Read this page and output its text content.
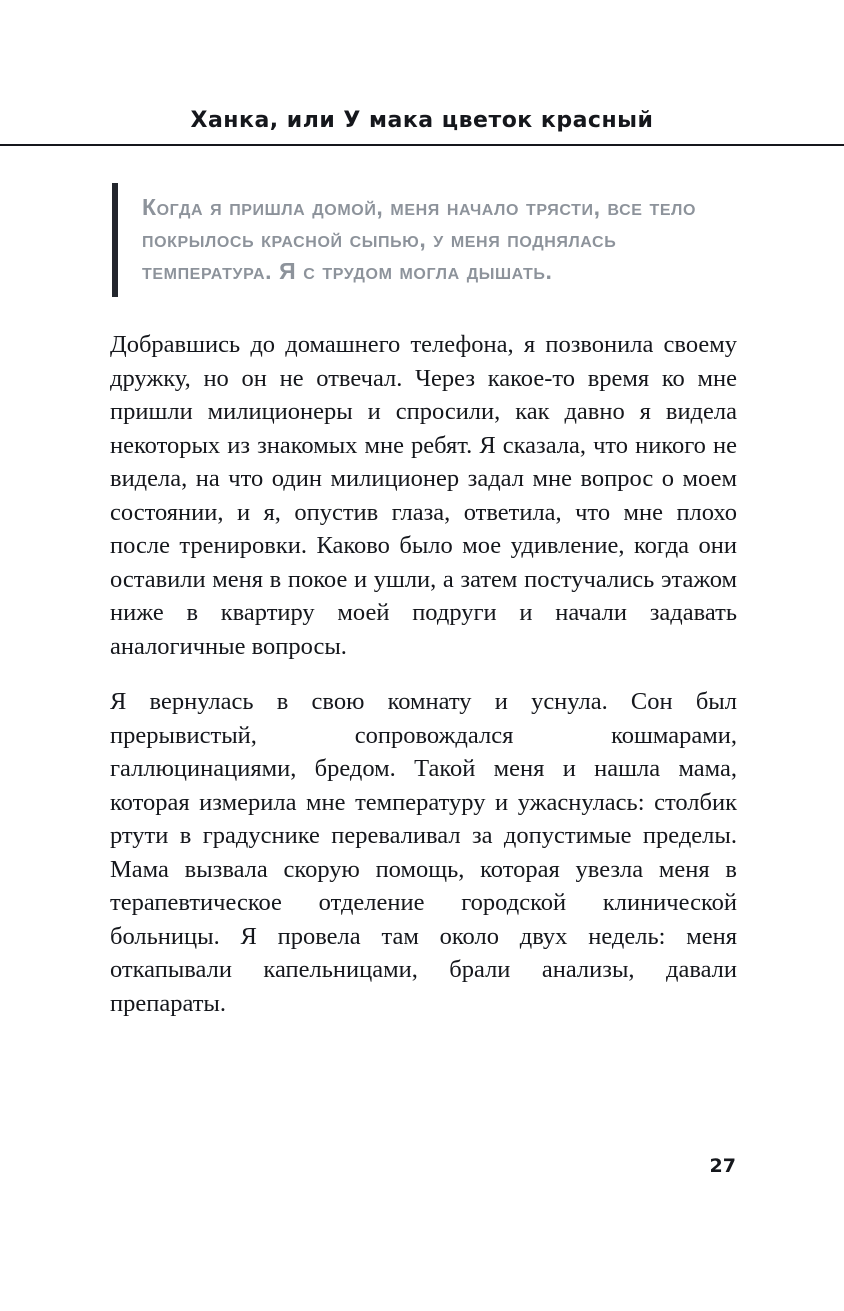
Ханка, или У мака цветок красный
Когда я пришла домой, меня начало трясти, все тело покрылось красной сыпью, у меня поднялась температура. Я с трудом могла дышать.

Добравшись до домашнего телефона, я позвонила своему дружку, но он не отвечал. Через какое-то время ко мне пришли милиционеры и спросили, как давно я видела некоторых из знакомых мне ребят. Я сказала, что никого не видела, на что один милиционер задал мне вопрос о моем состоянии, и я, опустив глаза, ответила, что мне плохо после тренировки. Каково было мое удивление, когда они оставили меня в покое и ушли, а затем постучались этажом ниже в квартиру моей подруги и начали задавать аналогичные вопросы.

Я вернулась в свою комнату и уснула. Сон был прерывистый, сопровождался кошмарами, галлюцинациями, бредом. Такой меня и нашла мама, которая измерила мне температуру и ужаснулась: столбик ртути в градуснике переваливал за допустимые пределы. Мама вызвала скорую помощь, которая увезла меня в терапевтическое отделение городской клинической больницы. Я провела там около двух недель: меня откапывали капельницами, брали анализы, давали препараты.

27
